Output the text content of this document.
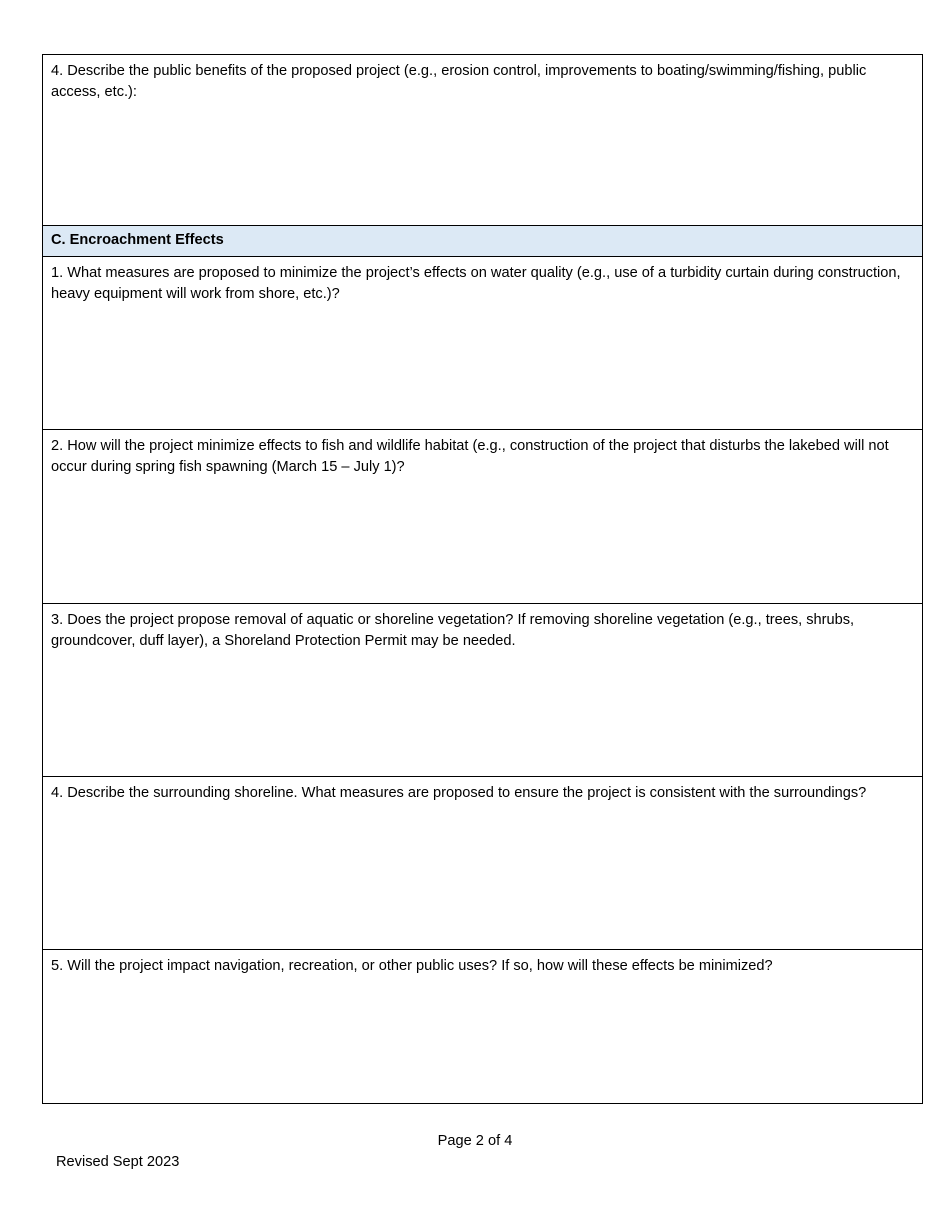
4. Describe the public benefits of the proposed project (e.g., erosion control, improvements to boating/swimming/fishing, public access, etc.):
C. Encroachment Effects
1. What measures are proposed to minimize the project’s effects on water quality (e.g., use of a turbidity curtain during construction, heavy equipment will work from shore, etc.)?
2. How will the project minimize effects to fish and wildlife habitat (e.g., construction of the project that disturbs the lakebed will not occur during spring fish spawning (March 15 – July 1)?
3. Does the project propose removal of aquatic or shoreline vegetation? If removing shoreline vegetation (e.g., trees, shrubs, groundcover, duff layer), a Shoreland Protection Permit may be needed.
4. Describe the surrounding shoreline. What measures are proposed to ensure the project is consistent with the surroundings?
5. Will the project impact navigation, recreation, or other public uses? If so, how will these effects be minimized?
Page 2 of 4
Revised Sept 2023
